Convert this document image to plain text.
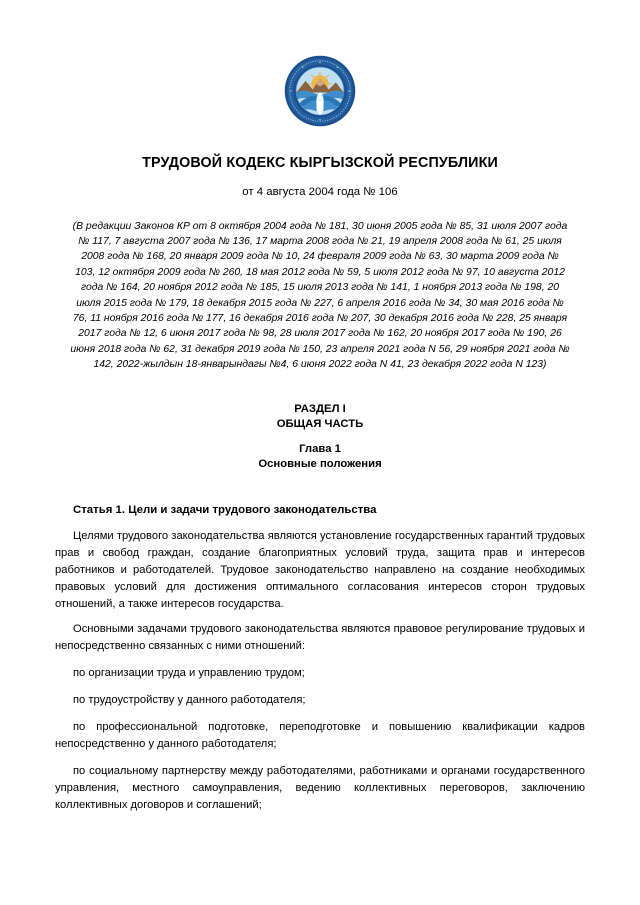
ТРУДОВОЙ КОДЕКС КЫРГЫЗСКОЙ РЕСПУБЛИКИ
от 4 августа 2004 года № 106
(В редакции Законов КР от 8 октября 2004 года № 181, 30 июня 2005 года № 85, 31 июля 2007 года № 117, 7 августа 2007 года № 136, 17 марта 2008 года № 21, 19 апреля 2008 года № 61, 25 июля 2008 года № 168, 20 января 2009 года № 10, 24 февраля 2009 года № 63, 30 марта 2009 года № 103, 12 октября 2009 года № 260, 18 мая 2012 года № 59, 5 июля 2012 года № 97, 10 августа 2012 года № 164, 20 ноября 2012 года № 185, 15 июля 2013 года № 141, 1 ноября 2013 года № 198, 20 июля 2015 года № 179, 18 декабря 2015 года № 227, 6 апреля 2016 года № 34, 30 мая 2016 года № 76, 11 ноября 2016 года № 177, 16 декабря 2016 года № 207, 30 декабря 2016 года № 228, 25 января 2017 года № 12, 6 июня 2017 года № 98, 28 июля 2017 года № 162, 20 ноября 2017 года № 190, 26 июня 2018 года № 62, 31 декабря 2019 года № 150, 23 апреля 2021 года N 56, 29 ноября 2021 года № 142, 2022-жылдын 18-январындагы №4, 6 июня 2022 года N 41, 23 декабря 2022 года N 123)
РАЗДЕЛ I
ОБЩАЯ ЧАСТЬ
Глава 1
Основные положения
Статья 1. Цели и задачи трудового законодательства

Целями трудового законодательства являются установление государственных гарантий трудовых прав и свобод граждан, создание благоприятных условий труда, защита прав и интересов работников и работодателей. Трудовое законодательство направлено на создание необходимых правовых условий для достижения оптимального согласования интересов сторон трудовых отношений, а также интересов государства.

Основными задачами трудового законодательства являются правовое регулирование трудовых и непосредственно связанных с ними отношений:

по организации труда и управлению трудом;

по трудоустройству у данного работодателя;

по профессиональной подготовке, переподготовке и повышению квалификации кадров непосредственно у данного работодателя;

по социальному партнерству между работодателями, работниками и органами государственного управления, местного самоуправления, ведению коллективных переговоров, заключению коллективных договоров и соглашений;
